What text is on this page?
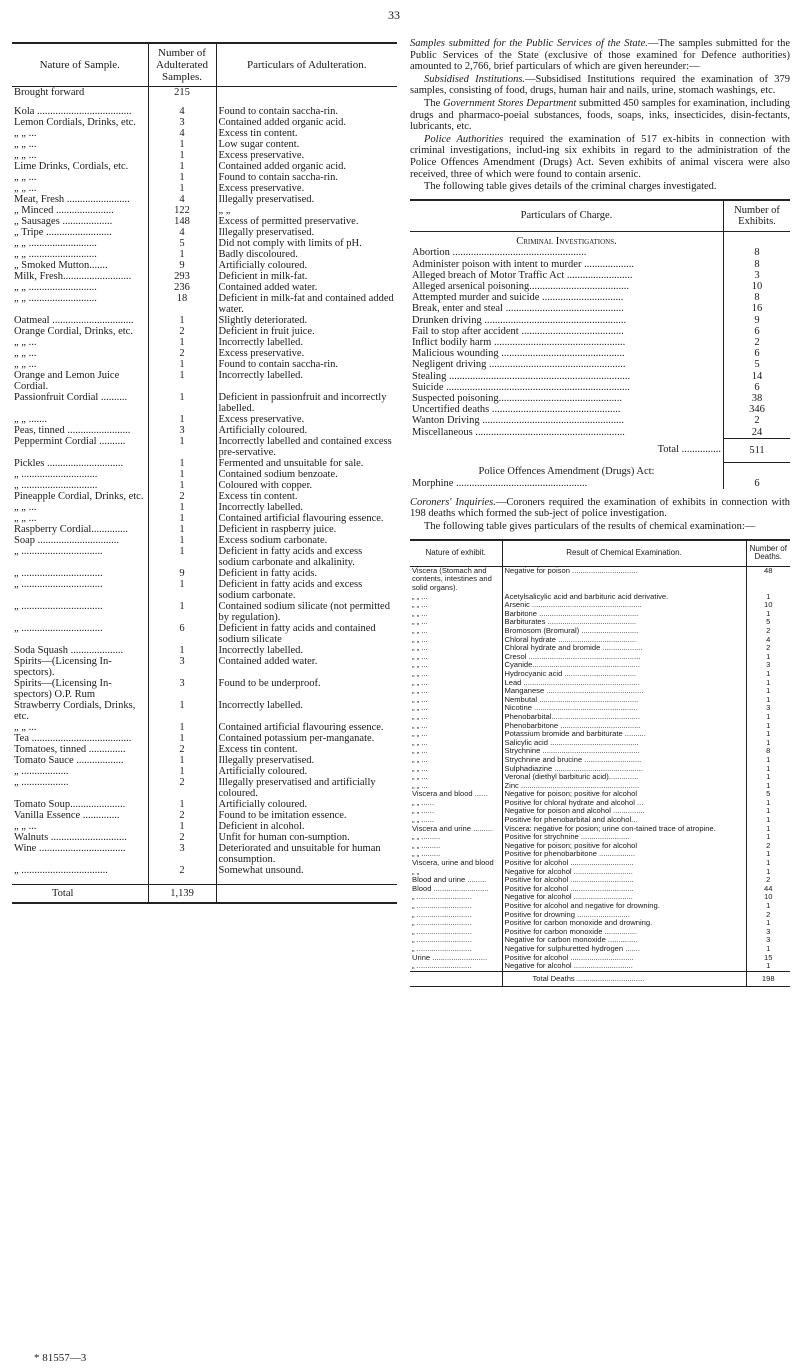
33
Nature of Sample.	Number of Adulterated Samples.	Particulars of Adulteration.
Brought forward	215	

Kola ....................................	4	Found to contain saccha-rin.
Lemon Cordials, Drinks, etc.	3	Contained added organic acid.
„ „ ...	4	Excess tin content.
„ „ ...	1	Low sugar content.
„ „ ...	1	Excess preservative.
Lime Drinks, Cordials, etc.	1	Contained added organic acid.
„ „ ...	1	Found to contain saccha-rin.
„ „ ...	1	Excess preservative.
Meat, Fresh ........................	4	Illegally preservatised.
„ Minced ......................	122	„ „
„ Sausages ...................	148	Excess of permitted preservative.
„ Tripe .........................	4	Illegally preservatised.
„ „ ..........................	5	Did not comply with limits of pH.
„ „ ..........................	1	Badly discoloured.
„ Smoked Mutton.......	9	Artificially coloured.
Milk, Fresh..........................	293	Deficient in milk-fat.
„ „ ..........................	236	Contained added water.
„ „ ..........................	18	Deficient in milk-fat and contained added water.
Oatmeal ...............................	1	Slightly deteriorated.
Orange Cordial, Drinks, etc.	2	Deficient in fruit juice.
„ „ ...	1	Incorrectly labelled.
„ „ ...	2	Excess preservative.
„ „ ...	1	Found to contain saccha-rin.
Orange and Lemon Juice Cordial.	1	Incorrectly labelled.
Passionfruit Cordial ..........	1	Deficient in passionfruit and incorrectly labelled.
„ „ .......	1	Excess preservative.
Peas, tinned ........................	3	Artificially coloured.
Peppermint Cordial ..........	1	Incorrectly labelled and contained excess pre-servative.
Pickles .............................	1	Fermented and unsuitable for sale.
„ .............................	1	Contained sodium benzoate.
„ .............................	1	Coloured with copper.
Pineapple Cordial, Drinks, etc.	2	Excess tin content.
„ „ ...	1	Incorrectly labelled.
„ „ ...	1	Contained artificial flavouring essence.
Raspberry Cordial..............	1	Deficient in raspberry juice.
Soap ...............................	1	Excess sodium carbonate.
„ ...............................	1	Deficient in fatty acids and excess sodium carbonate and alkalinity.
„ ...............................	9	Deficient in fatty acids.
„ ...............................	1	Deficient in fatty acids and excess sodium carbonate.
„ ...............................	1	Contained sodium silicate (not permitted by regulation).
„ ...............................	6	Deficient in fatty acids and contained sodium silicate
Soda Squash ....................	1	Incorrectly labelled.
Spirits—(Licensing In-spectors).	3	Contained added water.
Spirits—(Licensing In-spectors) O.P. Rum	3	Found to be underproof.
Strawberry Cordials, Drinks, etc.	1	Incorrectly labelled.
„ „ ...	1	Contained artificial flavouring essence.
Tea ......................................	1	Contained potassium per-manganate.
Tomatoes, tinned ..............	2	Excess tin content.
Tomato Sauce ..................	1	Illegally preservatised.
„ ..................	1	Artificially coloured.
„ ..................	2	Illegally preservatised and artificially coloured.
Tomato Soup.....................	1	Artificially coloured.
Vanilla Essence ..............	2	Found to be imitation essence.
„ „ ...	1	Deficient in alcohol.
Walnuts .............................	2	Unfit for human con-sumption.
Wine .................................	3	Deteriorated and unsuitable for human consumption.
„ .................................	2	Somewhat unsound.

Total	1,139	

Samples submitted for the Public Services of the State.—The samples submitted for the Public Services of the State (exclusive of those examined for Defence authorities) amounted to 2,766, brief particulars of which are given hereunder:—

Subsidised Institutions.—Subsidised Institutions required the examination of 379 samples, consisting of food, drugs, human hair and nails, urine, stomach washings, etc.

The Government Stores Department submitted 450 samples for examination, including drugs and pharmaco-poeial substances, foods, soaps, inks, insecticides, disin-fectants, lubricants, etc.

Police Authorities required the examination of 517 ex-hibits in connection with criminal investigations, includ-ing six exhibits in regard to the administration of the Police Offences Amendment (Drugs) Act. Seven exhibits of animal viscera were also received, three of which were found to contain arsenic.

The following table gives details of the criminal charges investigated.

Particulars of Charge.	Number of Exhibits.
Criminal Investigations.	
Abortion ...................................................	8
Administer poison with intent to murder ...................	8
Alleged breach of Motor Traffic Act .........................	3
Alleged arsenical poisoning......................................	10
Attempted murder and suicide ...............................	8
Break, enter and steal .............................................	16
Drunken driving ......................................................	9
Fail to stop after accident .......................................	6
Inflict bodily harm ..................................................	2
Malicious wounding ...............................................	6
Negligent driving ....................................................	5
Stealing .....................................................................	14
Suicide ......................................................................	6
Suspected poisoning...............................................	38
Uncertified deaths .................................................	346
Wanton Driving ......................................................	2
Miscellaneous .........................................................	24
Total ...............	511
Police Offences Amendment (Drugs) Act:	
Morphine ..................................................	6

Coroners' Inquiries.—Coroners required the examination of exhibits in connection with 198 deaths which formed the sub-ject of police investigation.

The following table gives particulars of the results of chemical examination:—

Nature of exhibit.	Result of Chemical Examination.	Number of Deaths.
Viscera (Stomach and contents, intestines and solid organs).	Negative for poison ...............................	48
„ „ ...	Acetylsalicylic acid and barbituric acid derivative.	1
„ „ ...	Arsenic ....................................................	10
„ „ ...	Barbitone ...............................................	1
„ „ ...	Barbiturates ..........................................	5
„ „ ...	Bromosom (Bromural) ...........................	2
„ „ ...	Chloral hydrate .....................................	4
„ „ ...	Chloral hydrate and bromide ...................	2
„ „ ...	Cresol .....................................................	1
„ „ ...	Cyanide...................................................	3
„ „ ...	Hydrocyanic acid ..................................	1
„ „ ...	Lead .......................................................	1
„ „ ...	Manganese ..............................................	1
„ „ ...	Nembutal ...............................................	1
„ „ ...	Nicotine .................................................	3
„ „ ...	Phenobarbital..........................................	1
„ „ ...	Phenobarbitone ......................................	1
„ „ ...	Potassium bromide and barbiturate ..........	1
„ „ ...	Salicylic acid ..........................................	1
„ „ ...	Strychnine ..............................................	8
„ „ ...	Strychnine and brucine ...........................	1
„ „ ...	Sulphadiazine ..........................................	1
„ „ ...	Veronal (diethyl barbituric acid)..............	1
„ „ ...	Zinc ........................................................	1
Viscera and blood ......	Negative for poison; positive for alcohol	5
„ „ ......	Positive for chloral hydrate and alcohol ...	1
„ „ ......	Negative for poison and alcohol ...............	1
„ „ ......	Positive for phenobarbital and alcohol...	1
Viscera and urine .........	Viscera: negative for posion; urine con-tained trace of atropine.	1
„ „ .........	Positive for strychnine .......................	1
„ „ .........	Negative for poison; positive for alcohol	2
„ „ .........	Positive for phenobarbitone .................	1
Viscera, urine and blood	Positive for alcohol ..............................	1
„ „	Negative for alcohol ............................	1
Blood and urine .........	Positive for alcohol ..............................	2
Blood ..........................	Positive for alcohol ..............................	44
„ ..........................	Negative for alcohol ............................	10
„ ..........................	Positive for alcohol and negative for drowning.	1
„ ..........................	Positive for drowning .........................	2
„ ..........................	Positive for carbon monoxide and drowning.	1
„ ..........................	Positive for carbon monoxide ...............	3
„ ..........................	Negative for carbon monoxide ..............	3
„ ..........................	Negative for sulphuretted hydrogen .......	1
Urine ..........................	Positive for alcohol ..............................	15
„ ..........................	Negative for alcohol ............................	1
	Total Deaths ................................	198
* 81557—3
